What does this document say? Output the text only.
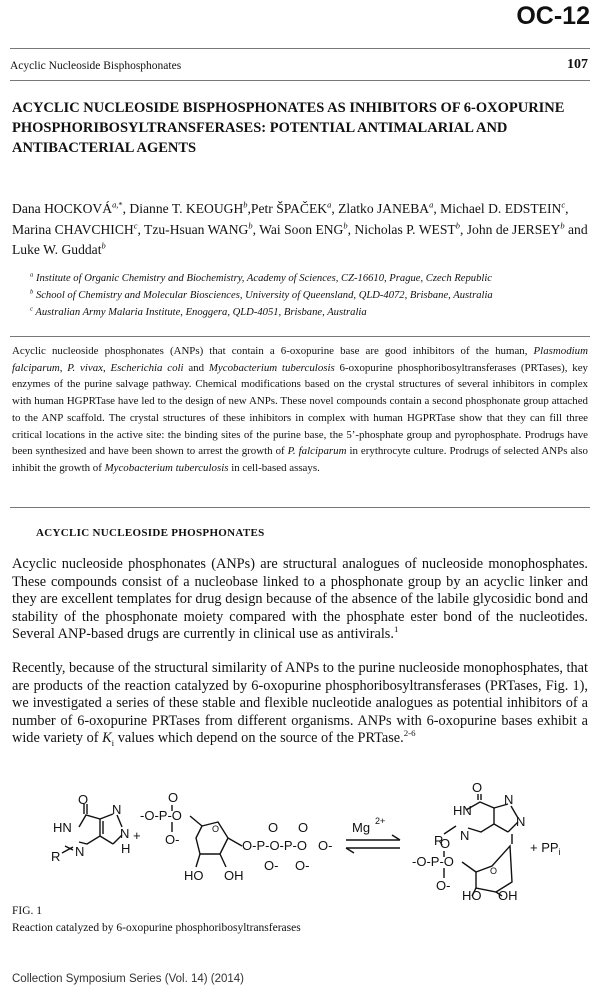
OC-12
Acyclic Nucleoside Bisphosphonates	107
ACYCLIC NUCLEOSIDE BISPHOSPHONATES AS INHIBITORS OF 6-OXOPURINE PHOSPHORIBOSYLTRANSFERASES: POTENTIAL ANTIMALARIAL AND ANTIBACTERIAL AGENTS
Dana $HOCKOVÁ^{a,*}$, Dianne T. KEOUGH$^b$,Petr ŠPAČEK$^a$, Zlatko JANEBA$^a$, Michael D. EDSTEIN$^c$, Marina CHAVCHICH$^c$, Tzu-Hsuan WANG$^b$, Wai Soon ENG$^b$, Nicholas P. WEST$^b$, John de JERSEY$^b$ and Luke W. Guddat$^b$
$^a$ Institute of Organic Chemistry and Biochemistry, Academy of Sciences, CZ-16610, Prague, Czech Republic
$^b$ School of Chemistry and Molecular Biosciences, University of Queensland, QLD-4072, Brisbane, Australia
$^c$ Australian Army Malaria Institute, Enoggera, QLD-4051, Brisbane, Australia
Acyclic nucleoside phosphonates (ANPs) that contain a 6-oxopurine base are good inhibitors of the human, Plasmodium falciparum, P. vivax, Escherichia coli and Mycobacterium tuberculosis 6-oxopurine phosphoribosyltransferases (PRTases), key enzymes of the purine salvage pathway. Chemical modifications based on the crystal structures of several inhibitors in complex with human HGPRTase have led to the design of new ANPs. These novel compounds contain a second phosphonate group attached to the ANP scaffold. The crystal structures of these inhibitors in complex with human HGPRTase show that they can fill three critical locations in the active site: the binding sites of the purine base, the 5’-phosphate group and pyrophosphate. Prodrugs have been synthesized and have been shown to arrest the growth of P. falciparum in erythrocyte culture. Prodrugs of selected ANPs also inhibit the growth of Mycobacterium tuberculosis in cell-based assays.
ACYCLIC NUCLEOSIDE PHOSPHONATES
Acyclic nucleoside phosphonates (ANPs) are structural analogues of nucleoside monophosphates. These compounds consist of a nucleobase linked to a phosphonate group by an acyclic linker and they are excellent templates for drug design because of the absence of the labile glycosidic bond and stability of the phosphonate moiety compared with the phosphate ester bond of the nucleotides. Several ANP-based drugs are currently in clinical use as antivirals.$^1$
Recently, because of the structural similarity of ANPs to the purine nucleoside monophosphates, that are products of the reaction catalyzed by 6-oxopurine phosphoribosyltransferases (PRTases, Fig. 1), we investigated a series of these stable and flexible nucleotide analogues as potential inhibitors of a number of 6-oxopurine PRTases from different organisms. ANPs with 6-oxopurine bases exhibit a wide variety of $K_i$ values which depend on the source of the PRTase.$^{2-6}$
O
HN
N
R
N
N
H
+
-O-P-O
O
O-
O
HO OH
O-P-O-P-O
O
O-
O
O-
O-
Mg 2+
O
HN
N
R
N
N
-O-P-O
O
O-
O
HO OH
+ $PP_i$
FIG. 1
Reaction catalyzed by 6-oxopurine phosphoribosyltransferases
Collection Symposium Series (Vol. 14) (2014)
